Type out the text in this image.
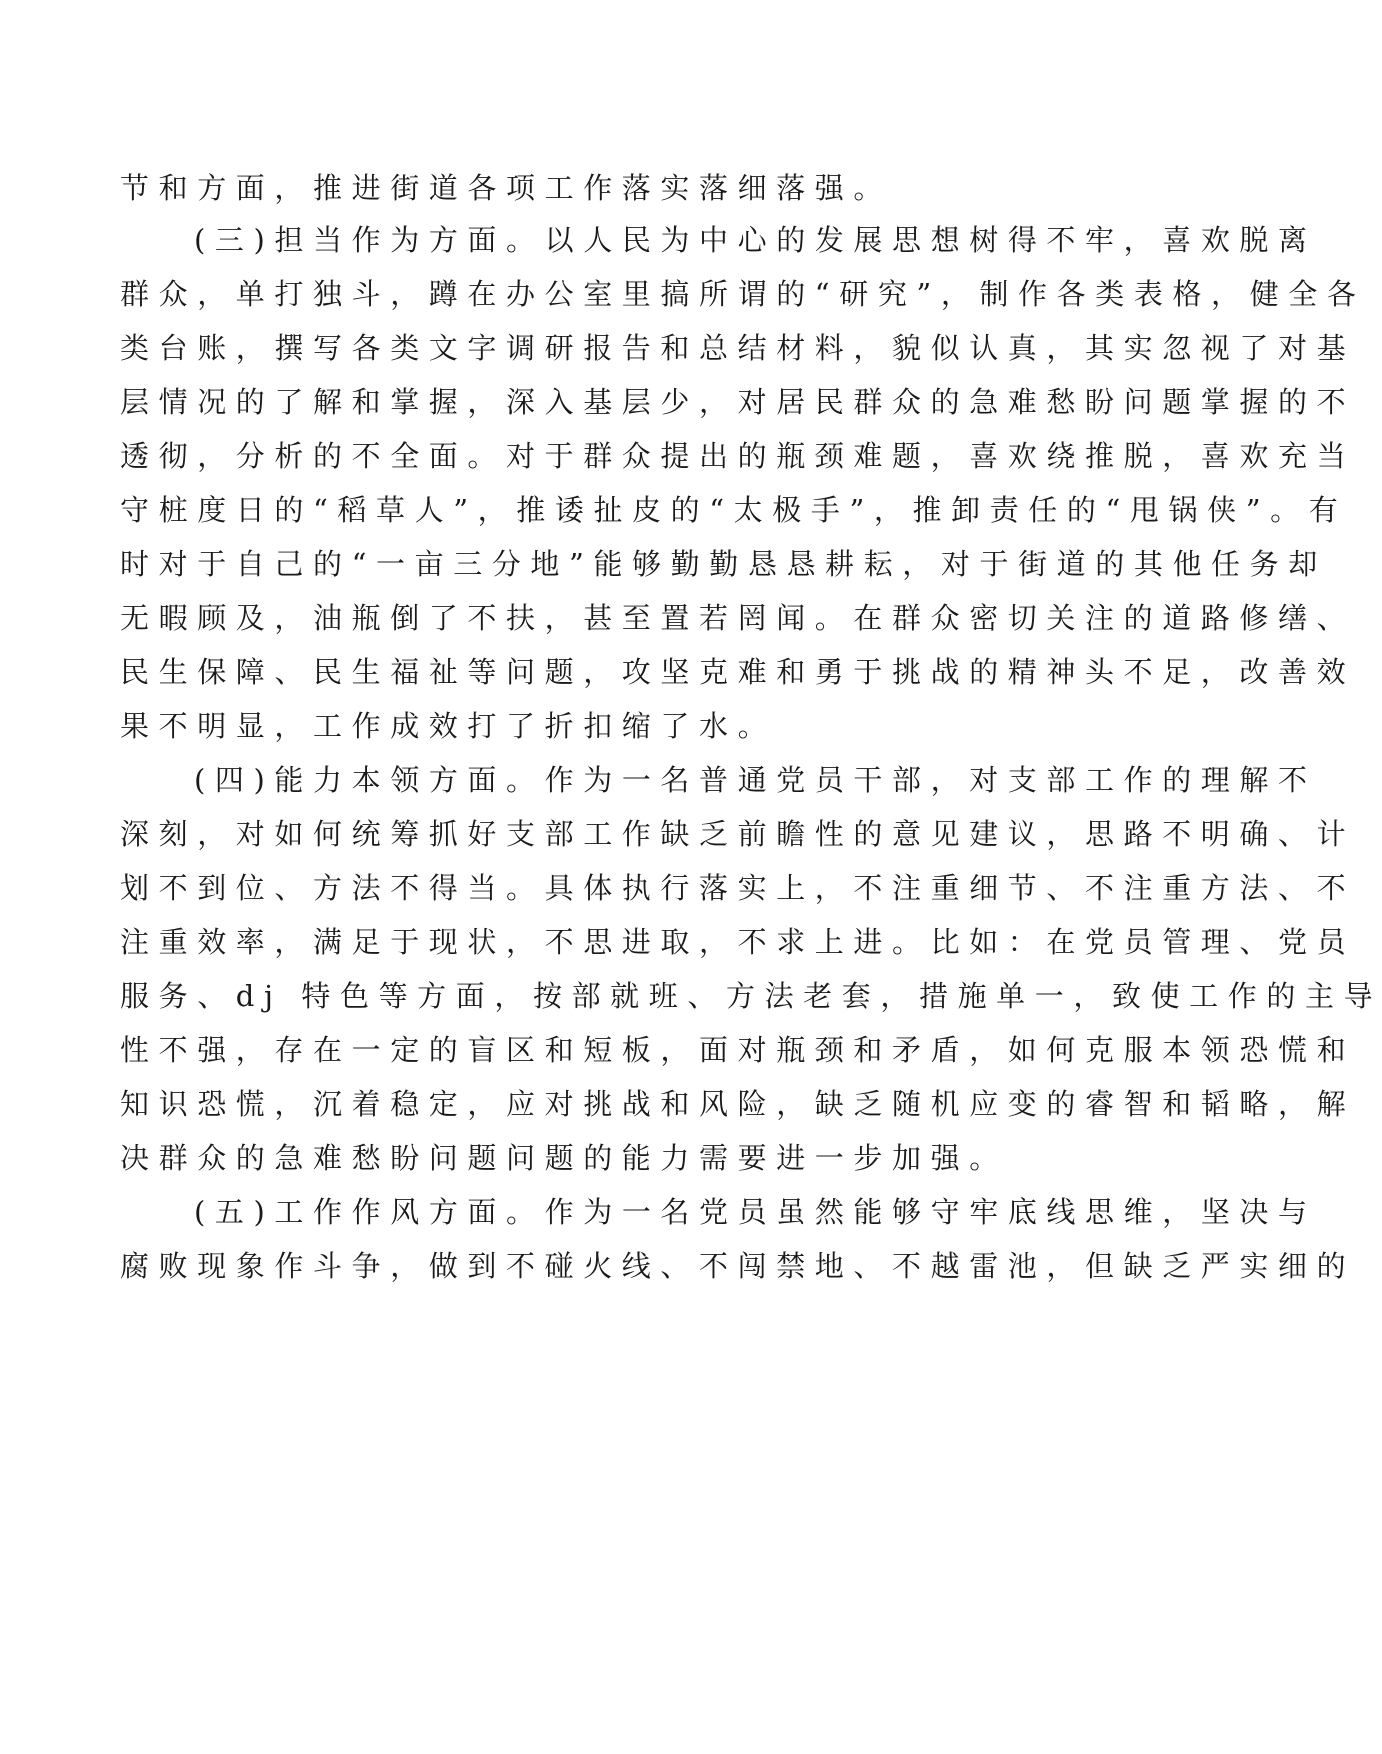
节和方面，推进街道各项工作落实落细落强。
(三)担当作为方面。以人民为中心的发展思想树得不牢，喜欢脱离
群众，单打独斗，蹲在办公室里搞所谓的“研究”，制作各类表格，健全各
类台账，撰写各类文字调研报告和总结材料，貌似认真，其实忽视了对基
层情况的了解和掌握，深入基层少，对居民群众的急难愁盼问题掌握的不
透彻，分析的不全面。对于群众提出的瓶颈难题，喜欢绕推脱，喜欢充当
守桩度日的“稻草人”，推诿扯皮的“太极手”，推卸责任的“甩锅侠”。有
时对于自己的“一亩三分地”能够勤勤恳恳耕耘，对于街道的其他任务却
无暇顾及，油瓶倒了不扶，甚至置若罔闻。在群众密切关注的道路修缮、
民生保障、民生福祉等问题，攻坚克难和勇于挑战的精神头不足，改善效
果不明显，工作成效打了折扣缩了水。
(四)能力本领方面。作为一名普通党员干部，对支部工作的理解不
深刻，对如何统筹抓好支部工作缺乏前瞻性的意见建议，思路不明确、计
划不到位、方法不得当。具体执行落实上，不注重细节、不注重方法、不
注重效率，满足于现状，不思进取，不求上进。比如：在党员管理、党员
服务、dj 特色等方面，按部就班、方法老套，措施单一，致使工作的主导
性不强，存在一定的盲区和短板，面对瓶颈和矛盾，如何克服本领恐慌和
知识恐慌，沉着稳定，应对挑战和风险，缺乏随机应变的睿智和韬略，解
决群众的急难愁盼问题问题的能力需要进一步加强。
(五)工作作风方面。作为一名党员虽然能够守牢底线思维，坚决与
腐败现象作斗争，做到不碰火线、不闯禁地、不越雷池，但缺乏严实细的
